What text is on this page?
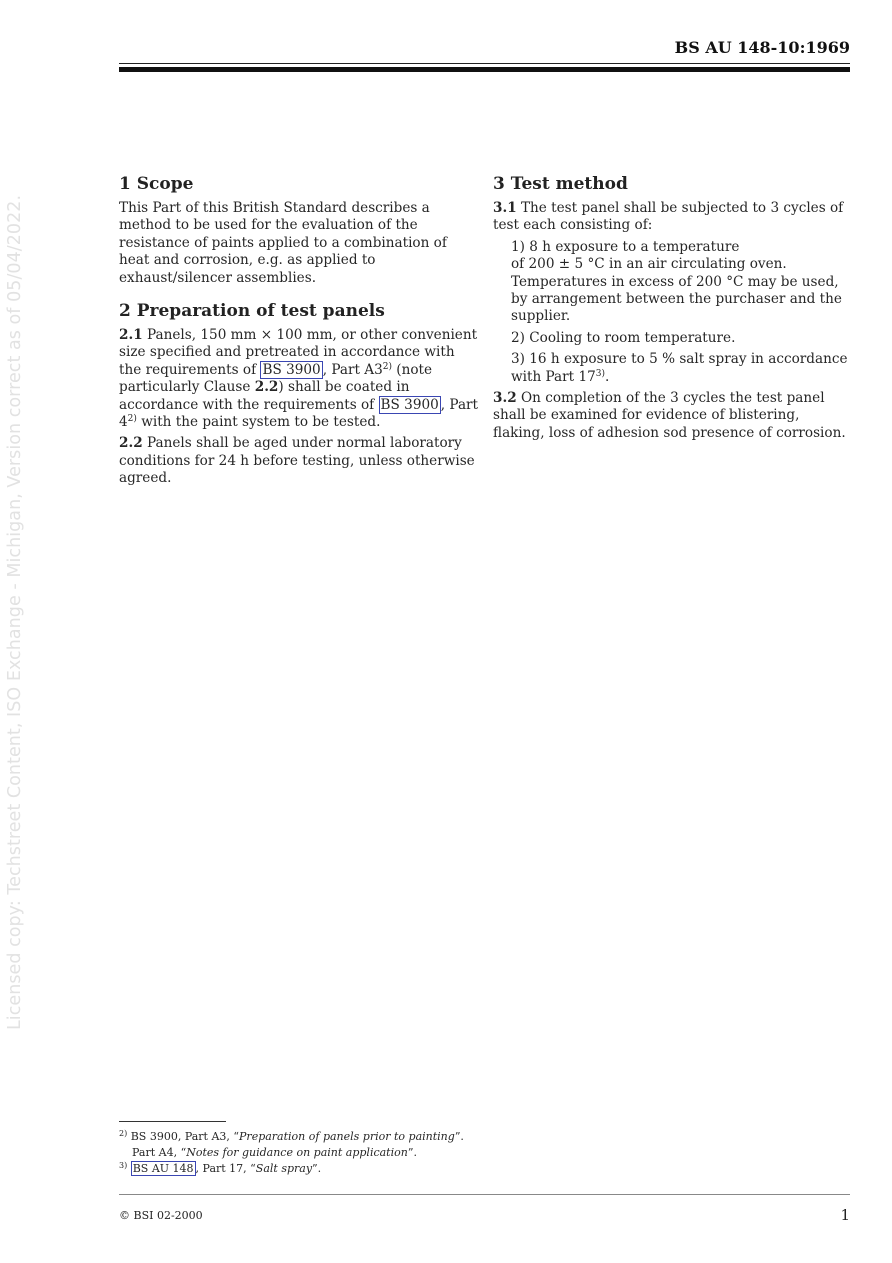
BS AU 148-10:1969
Licensed copy: Techstreet Content, ISO Exchange - Michigan, Version correct as of 05/04/2022.
1 Scope

This Part of this British Standard describes a method to be used for the evaluation of the resistance of paints applied to a combination of heat and corrosion, e.g. as applied to exhaust/silencer assemblies.

2 Preparation of test panels

2.1 Panels, 150 mm × 100 mm, or other convenient size specified and pretreated in accordance with the requirements of BS 3900 , Part A3$^{2)}$ (note particularly Clause 2.2) shall be coated in accordance with the requirements of BS 3900 , Part 4$^{2)}$ with the paint system to be tested.

2.2 Panels shall be aged under normal laboratory conditions for 24 h before testing, unless otherwise agreed.

3 Test method

3.1 The test panel shall be subjected to 3 cycles of test each consisting of:

1) 8 h exposure to a temperature
of 200 ± 5 °C in an air circulating oven. Temperatures in excess of 200 °C may be used, by arrangement between the purchaser and the supplier.
2) Cooling to room temperature.
3) 16 h exposure to 5 % salt spray in accordance with Part 17$^{3)}$.

3.2 On completion of the 3 cycles the test panel shall be examined for evidence of blistering, flaking, loss of adhesion sod presence of corrosion.

$^{2)}$ BS 3900, Part A3, “Preparation of panels prior to painting”.
Part A4, “Notes for guidance on paint application”.
$^{3)}$ BS AU 148 , Part 17, “Salt spray”.
© BSI 02-2000	1
